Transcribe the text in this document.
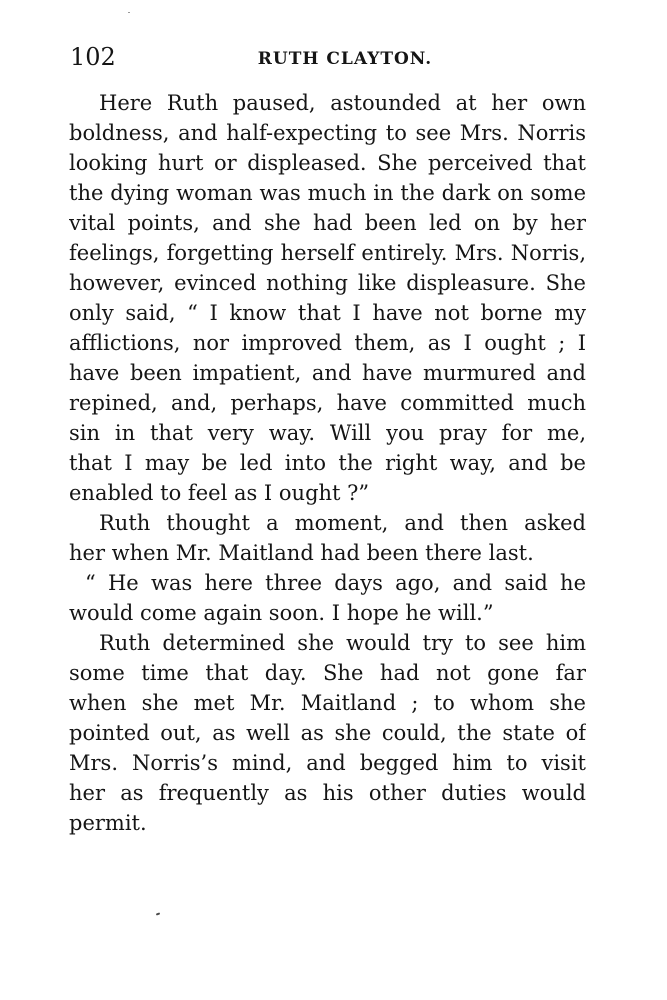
102	RUTH CLAYTON.
Here Ruth paused, astounded at her own
boldness, and half-expecting to see Mrs. Norris
looking hurt or displeased. She perceived that
the dying woman was much in the dark on some
vital points, and she had been led on by her
feelings, forgetting herself entirely. Mrs. Norris,
however, evinced nothing like displeasure. She
only said, “ I know that I have not borne my
afflictions, nor improved them, as I ought ; I
have been impatient, and have murmured and
repined, and, perhaps, have committed much
sin in that very way. Will you pray for me,
that I may be led into the right way, and be
enabled to feel as I ought ?”
Ruth thought a moment, and then asked
her when Mr. Maitland had been there last.
“ He was here three days ago, and said he
would come again soon. I hope he will.”
Ruth determined she would try to see him
some time that day. She had not gone far
when she met Mr. Maitland ; to whom she
pointed out, as well as she could, the state of
Mrs. Norris’s mind, and begged him to visit
her as frequently as his other duties would
permit.
